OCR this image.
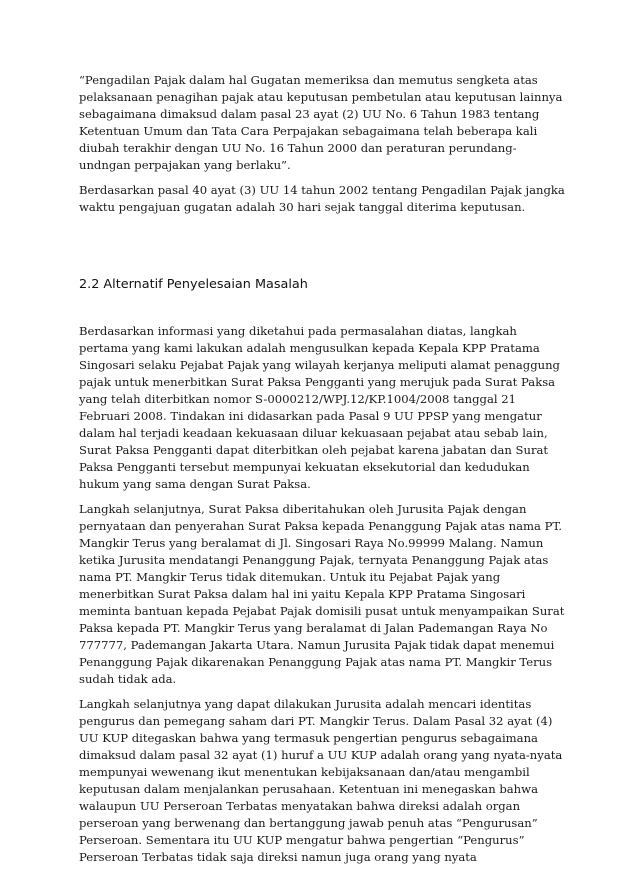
“Pengadilan Pajak dalam hal Gugatan memeriksa dan memutus sengketa atas pelaksanaan penagihan pajak atau keputusan pembetulan atau keputusan lainnya sebagaimana dimaksud dalam pasal 23 ayat (2) UU No. 6 Tahun 1983 tentang Ketentuan Umum dan Tata Cara Perpajakan sebagaimana telah beberapa kali diubah terakhir dengan UU No. 16 Tahun 2000 dan peraturan perundang-undngan perpajakan yang berlaku”.

Berdasarkan pasal 40 ayat (3) UU 14 tahun 2002 tentang Pengadilan Pajak jangka waktu pengajuan gugatan adalah 30 hari sejak tanggal diterima keputusan.

2.2 Alternatif Penyelesaian Masalah

Berdasarkan informasi yang diketahui pada permasalahan diatas, langkah pertama yang kami lakukan adalah mengusulkan kepada Kepala KPP Pratama Singosari selaku Pejabat Pajak yang wilayah kerjanya meliputi alamat penaggung pajak untuk menerbitkan Surat Paksa Pengganti yang merujuk pada Surat Paksa yang telah diterbitkan nomor S-0000212/WPJ.12/KP.1004/2008 tanggal 21 Februari 2008. Tindakan ini didasarkan pada Pasal 9 UU PPSP yang mengatur dalam hal terjadi keadaan kekuasaan diluar kekuasaan pejabat atau sebab lain, Surat Paksa Pengganti dapat diterbitkan oleh pejabat karena jabatan dan Surat Paksa Pengganti tersebut mempunyai kekuatan eksekutorial dan kedudukan hukum yang sama dengan Surat Paksa.

Langkah selanjutnya, Surat Paksa diberitahukan oleh Jurusita Pajak dengan pernyataan dan penyerahan Surat Paksa kepada Penanggung Pajak atas nama PT. Mangkir Terus yang beralamat di Jl. Singosari Raya No.99999 Malang. Namun ketika Jurusita mendatangi Penanggung Pajak, ternyata Penanggung Pajak atas nama PT. Mangkir Terus tidak ditemukan. Untuk itu Pejabat Pajak yang menerbitkan Surat Paksa dalam hal ini yaitu Kepala KPP Pratama Singosari meminta bantuan kepada Pejabat Pajak domisili pusat untuk menyampaikan Surat Paksa kepada PT. Mangkir Terus yang beralamat di Jalan Pademangan Raya No 777777, Pademangan Jakarta Utara. Namun Jurusita Pajak tidak dapat menemui Penanggung Pajak dikarenakan Penanggung Pajak atas nama PT. Mangkir Terus sudah tidak ada.

Langkah selanjutnya yang dapat dilakukan Jurusita adalah mencari identitas pengurus dan pemegang saham dari PT. Mangkir Terus. Dalam Pasal 32 ayat (4) UU KUP ditegaskan bahwa yang termasuk pengertian pengurus sebagaimana dimaksud dalam pasal 32 ayat (1) huruf a UU KUP adalah orang yang nyata-nyata mempunyai wewenang ikut menentukan kebijaksanaan dan/atau mengambil keputusan dalam menjalankan perusahaan. Ketentuan ini menegaskan bahwa walaupun UU Perseroan Terbatas menyatakan bahwa direksi adalah organ perseroan yang berwenang dan bertanggung jawab penuh atas “Pengurusan” Perseroan. Sementara itu UU KUP mengatur bahwa pengertian “Pengurus” Perseroan Terbatas tidak saja direksi namun juga orang yang nyata
